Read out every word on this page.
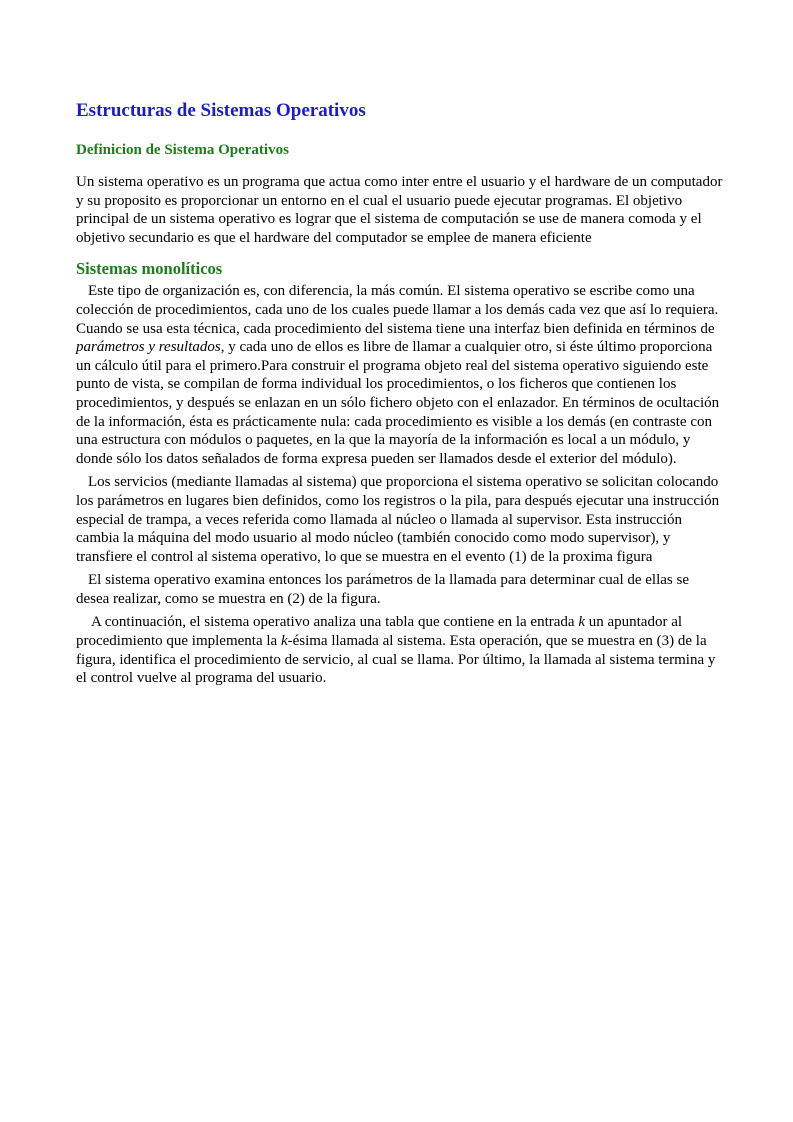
Estructuras de Sistemas Operativos
Definicion de Sistema Operativos

Un sistema operativo es un programa que actua como inter entre el usuario y el hardware de un computador y su proposito es proporcionar un entorno en el cual el usuario puede ejecutar programas. El objetivo principal de un sistema operativo es lograr que el sistema de computación se use de manera comoda y el objetivo secundario es que el hardware del computador se emplee de manera eficiente

Sistemas monolíticos

Este tipo de organización es, con diferencia, la más común. El sistema operativo se escribe como una colección de procedimientos, cada uno de los cuales puede llamar a los demás cada vez que así lo requiera. Cuando se usa esta técnica, cada procedimiento del sistema tiene una interfaz bien definida en términos de parámetros y resultados, y cada uno de ellos es libre de llamar a cualquier otro, si éste último proporciona un cálculo útil para el primero.Para construir el programa objeto real del sistema operativo siguiendo este punto de vista, se compilan de forma individual los procedimientos, o los ficheros que contienen los procedimientos, y después se enlazan en un sólo fichero objeto con el enlazador. En términos de ocultación de la información, ésta es prácticamente nula: cada procedimiento es visible a los demás (en contraste con una estructura con módulos o paquetes, en la que la mayoría de la información es local a un módulo, y donde sólo los datos señalados de forma expresa pueden ser llamados desde el exterior del módulo).

Los servicios (mediante llamadas al sistema) que proporciona el sistema operativo se solicitan colocando los parámetros en lugares bien definidos, como los registros o la pila, para después ejecutar una instrucción especial de trampa, a veces referida como llamada al núcleo o llamada al supervisor. Esta instrucción cambia la máquina del modo usuario al modo núcleo (también conocido como modo supervisor), y transfiere el control al sistema operativo, lo que se muestra en el evento (1) de la proxima figura

El sistema operativo examina entonces los parámetros de la llamada para determinar cual de ellas se desea realizar, como se muestra en (2) de la figura.

A continuación, el sistema operativo analiza una tabla que contiene en la entrada k un apuntador al procedimiento que implementa la k-ésima llamada al sistema. Esta operación, que se muestra en (3) de la figura, identifica el procedimiento de servicio, al cual se llama. Por último, la llamada al sistema termina y el control vuelve al programa del usuario.
